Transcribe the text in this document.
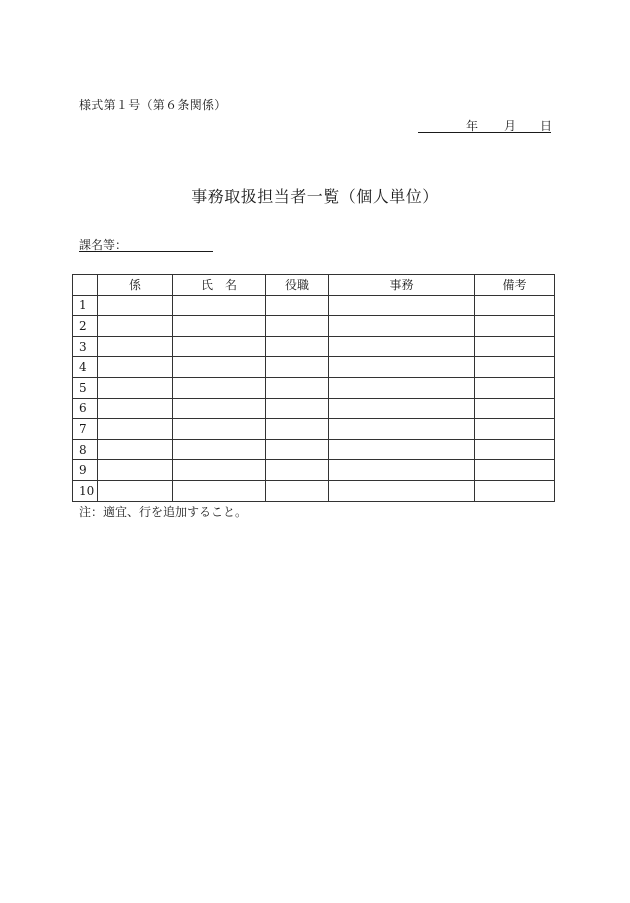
様式第１号（第６条関係）
年 月 日
事務取扱担当者一覧（個人単位）
課名等：
	係	氏　名	役職	事務	備考
1					
2					
3					
4					
5					
6					
7					
8					
9					
10					
注：適宜、行を追加すること。
